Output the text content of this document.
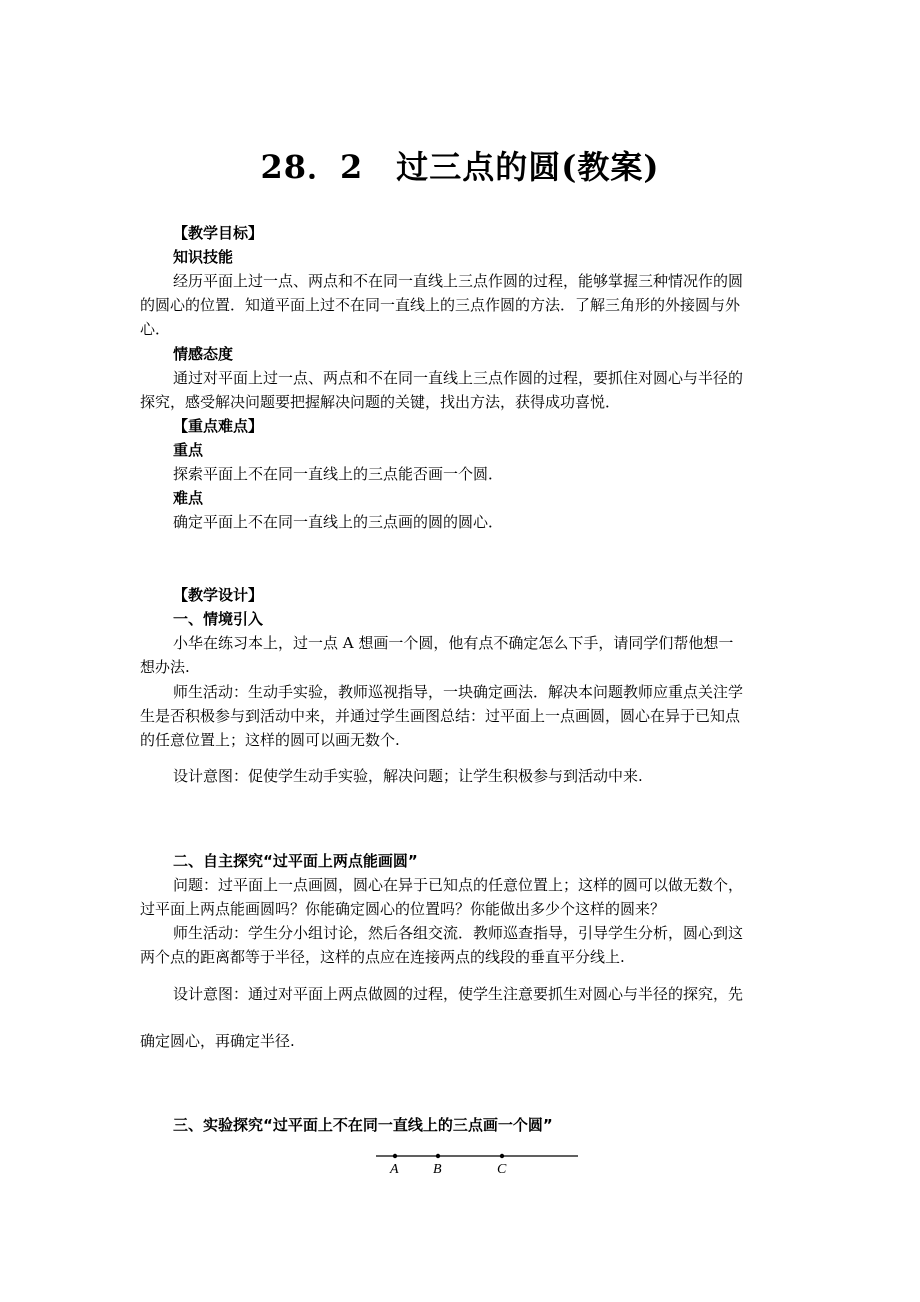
28．2　过三点的圆(教案)
【教学目标】
知识技能
经历平面上过一点、两点和不在同一直线上三点作圆的过程，能够掌握三种情况作的圆
的圆心的位置．知道平面上过不在同一直线上的三点作圆的方法．了解三角形的外接圆与外
心．
情感态度
通过对平面上过一点、两点和不在同一直线上三点作圆的过程，要抓住对圆心与半径的
探究，感受解决问题要把握解决问题的关键，找出方法，获得成功喜悦．
【重点难点】
重点
探索平面上不在同一直线上的三点能否画一个圆．
难点
确定平面上不在同一直线上的三点画的圆的圆心．
【教学设计】
一、情境引入
小华在练习本上，过一点 A 想画一个圆，他有点不确定怎么下手，请同学们帮他想一
想办法.
师生活动：生动手实验，教师巡视指导，一块确定画法．解决本问题教师应重点关注学
生是否积极参与到活动中来，并通过学生画图总结：过平面上一点画圆，圆心在异于已知点
的任意位置上；这样的圆可以画无数个.
设计意图：促使学生动手实验，解决问题；让学生积极参与到活动中来.
二、自主探究“过平面上两点能画圆”
问题：过平面上一点画圆，圆心在异于已知点的任意位置上；这样的圆可以做无数个，
过平面上两点能画圆吗？你能确定圆心的位置吗？你能做出多少个这样的圆来？
师生活动：学生分小组讨论，然后各组交流．教师巡查指导，引导学生分析，圆心到这
两个点的距离都等于半径，这样的点应在连接两点的线段的垂直平分线上.
设计意图：通过对平面上两点做圆的过程，使学生注意要抓生对圆心与半径的探究，先
确定圆心，再确定半径.
三、实验探究“过平面上不在同一直线上的三点画一个圆”
A B	C
